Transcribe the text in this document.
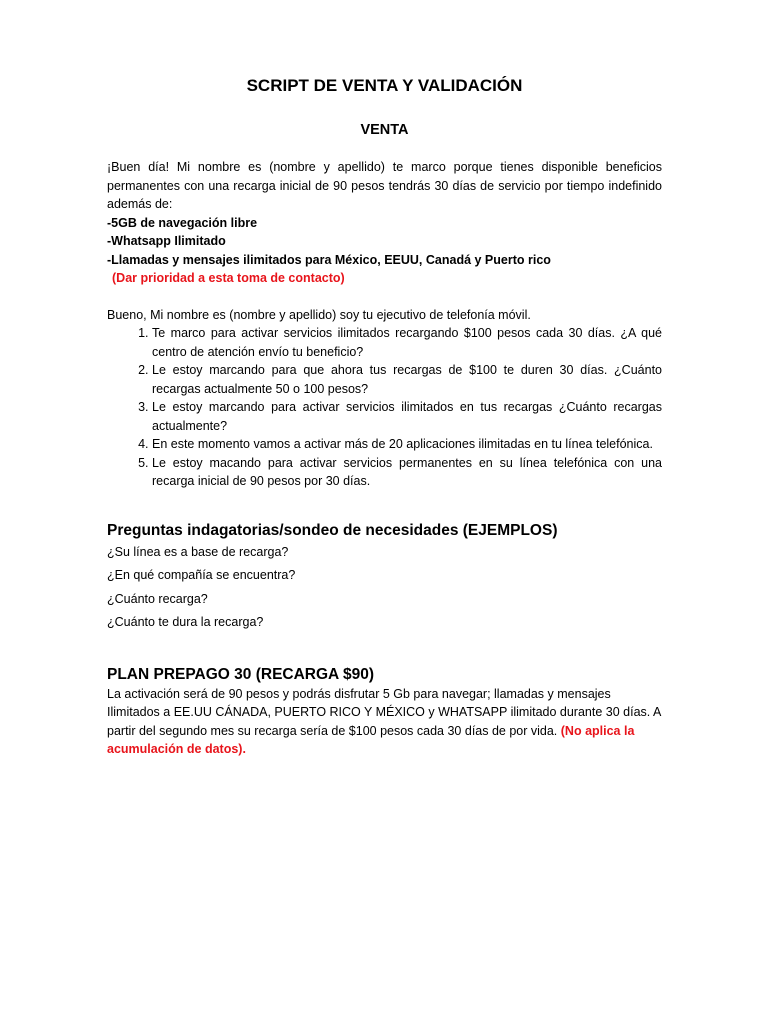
SCRIPT DE VENTA Y VALIDACIÓN
VENTA
¡Buen día! Mi nombre es (nombre y apellido) te marco porque tienes disponible beneficios permanentes con una recarga inicial de 90 pesos tendrás 30 días de servicio por tiempo indefinido además de:
-5GB de navegación libre
-Whatsapp Ilimitado
-Llamadas y mensajes ilimitados para México, EEUU, Canadá y Puerto rico
(Dar prioridad a esta toma de contacto)
Bueno, Mi nombre es (nombre y apellido) soy tu ejecutivo de telefonía móvil.
1. Te marco para activar servicios ilimitados recargando $100 pesos cada 30 días. ¿A qué centro de atención envío tu beneficio?
2. Le estoy marcando para que ahora tus recargas de $100 te duren 30 días. ¿Cuánto recargas actualmente 50 o 100 pesos?
3. Le estoy marcando para activar servicios ilimitados en tus recargas ¿Cuánto recargas actualmente?
4. En este momento vamos a activar más de 20 aplicaciones ilimitadas en tu línea telefónica.
5. Le estoy macando para activar servicios permanentes en su línea telefónica con una recarga inicial de 90 pesos por 30 días.
Preguntas indagatorias/sondeo de necesidades (EJEMPLOS)

¿Su línea es a base de recarga?

¿En qué compañía se encuentra?

¿Cuánto recarga?

¿Cuánto te dura la recarga?

PLAN PREPAGO 30 (RECARGA $90)

La activación será de 90 pesos y podrás disfrutar 5 Gb para navegar; llamadas y mensajes Ilimitados a EE.UU CÁNADA, PUERTO RICO Y MÉXICO y WHATSAPP ilimitado durante 30 días. A partir del segundo mes su recarga sería de $100 pesos cada 30 días de por vida. (No aplica la acumulación de datos).
